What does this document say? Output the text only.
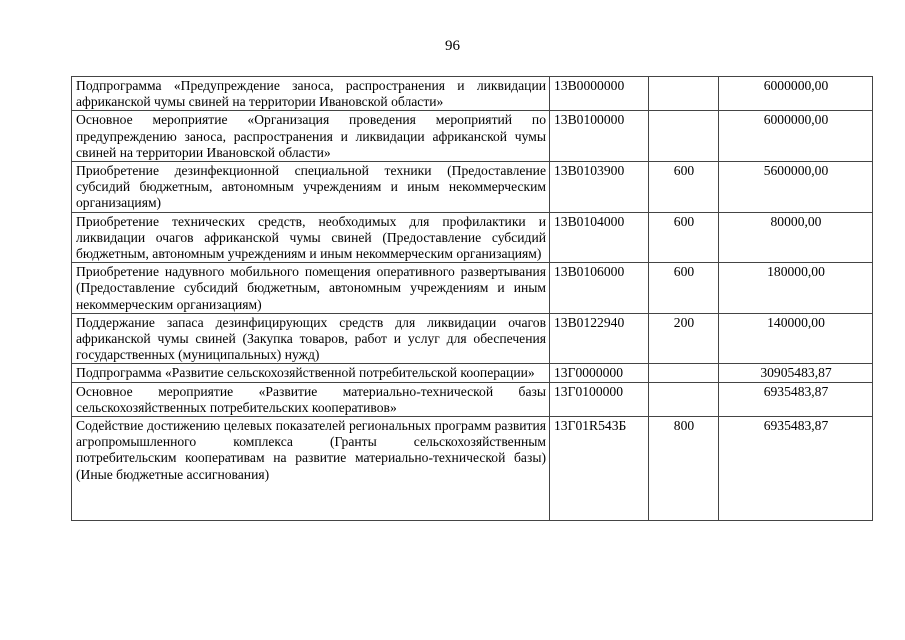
96
Подпрограмма «Предупреждение заноса, распространения и ликвидации африканской чумы свиней на территории Ивановской области»	13В0000000		6000000,00
Основное мероприятие «Организация проведения мероприятий по предупреждению заноса, распространения и ликвидации африканской чумы свиней на территории Ивановской области»	13В0100000		6000000,00
Приобретение дезинфекционной специальной техники (Предоставление субсидий бюджетным, автономным учреждениям и иным некоммерческим организациям)	13В0103900	600	5600000,00
Приобретение технических средств, необходимых для профилактики и ликвидации очагов африканской чумы свиней (Предоставление субсидий бюджетным, автономным учреждениям и иным некоммерческим организациям)	13В0104000	600	80000,00
Приобретение надувного мобильного помещения оперативного развертывания (Предоставление субсидий бюджетным, автономным учреждениям и иным некоммерческим организациям)	13В0106000	600	180000,00
Поддержание запаса дезинфицирующих средств для ликвидации очагов африканской чумы свиней (Закупка товаров, работ и услуг для обеспечения государственных (муниципальных) нужд)	13В0122940	200	140000,00
Подпрограмма «Развитие сельскохозяйственной потребительской кооперации»	13Г0000000		30905483,87
Основное мероприятие «Развитие материально-технической базы сельскохозяйственных потребительских кооперативов»	13Г0100000		6935483,87
Содействие достижению целевых показателей региональных программ развития агропромышленного комплекса (Гранты сельскохозяйственным потребительским кооперативам на развитие материально-технической базы) (Иные бюджетные ассигнования)	13Г01R543Б	800	6935483,87
